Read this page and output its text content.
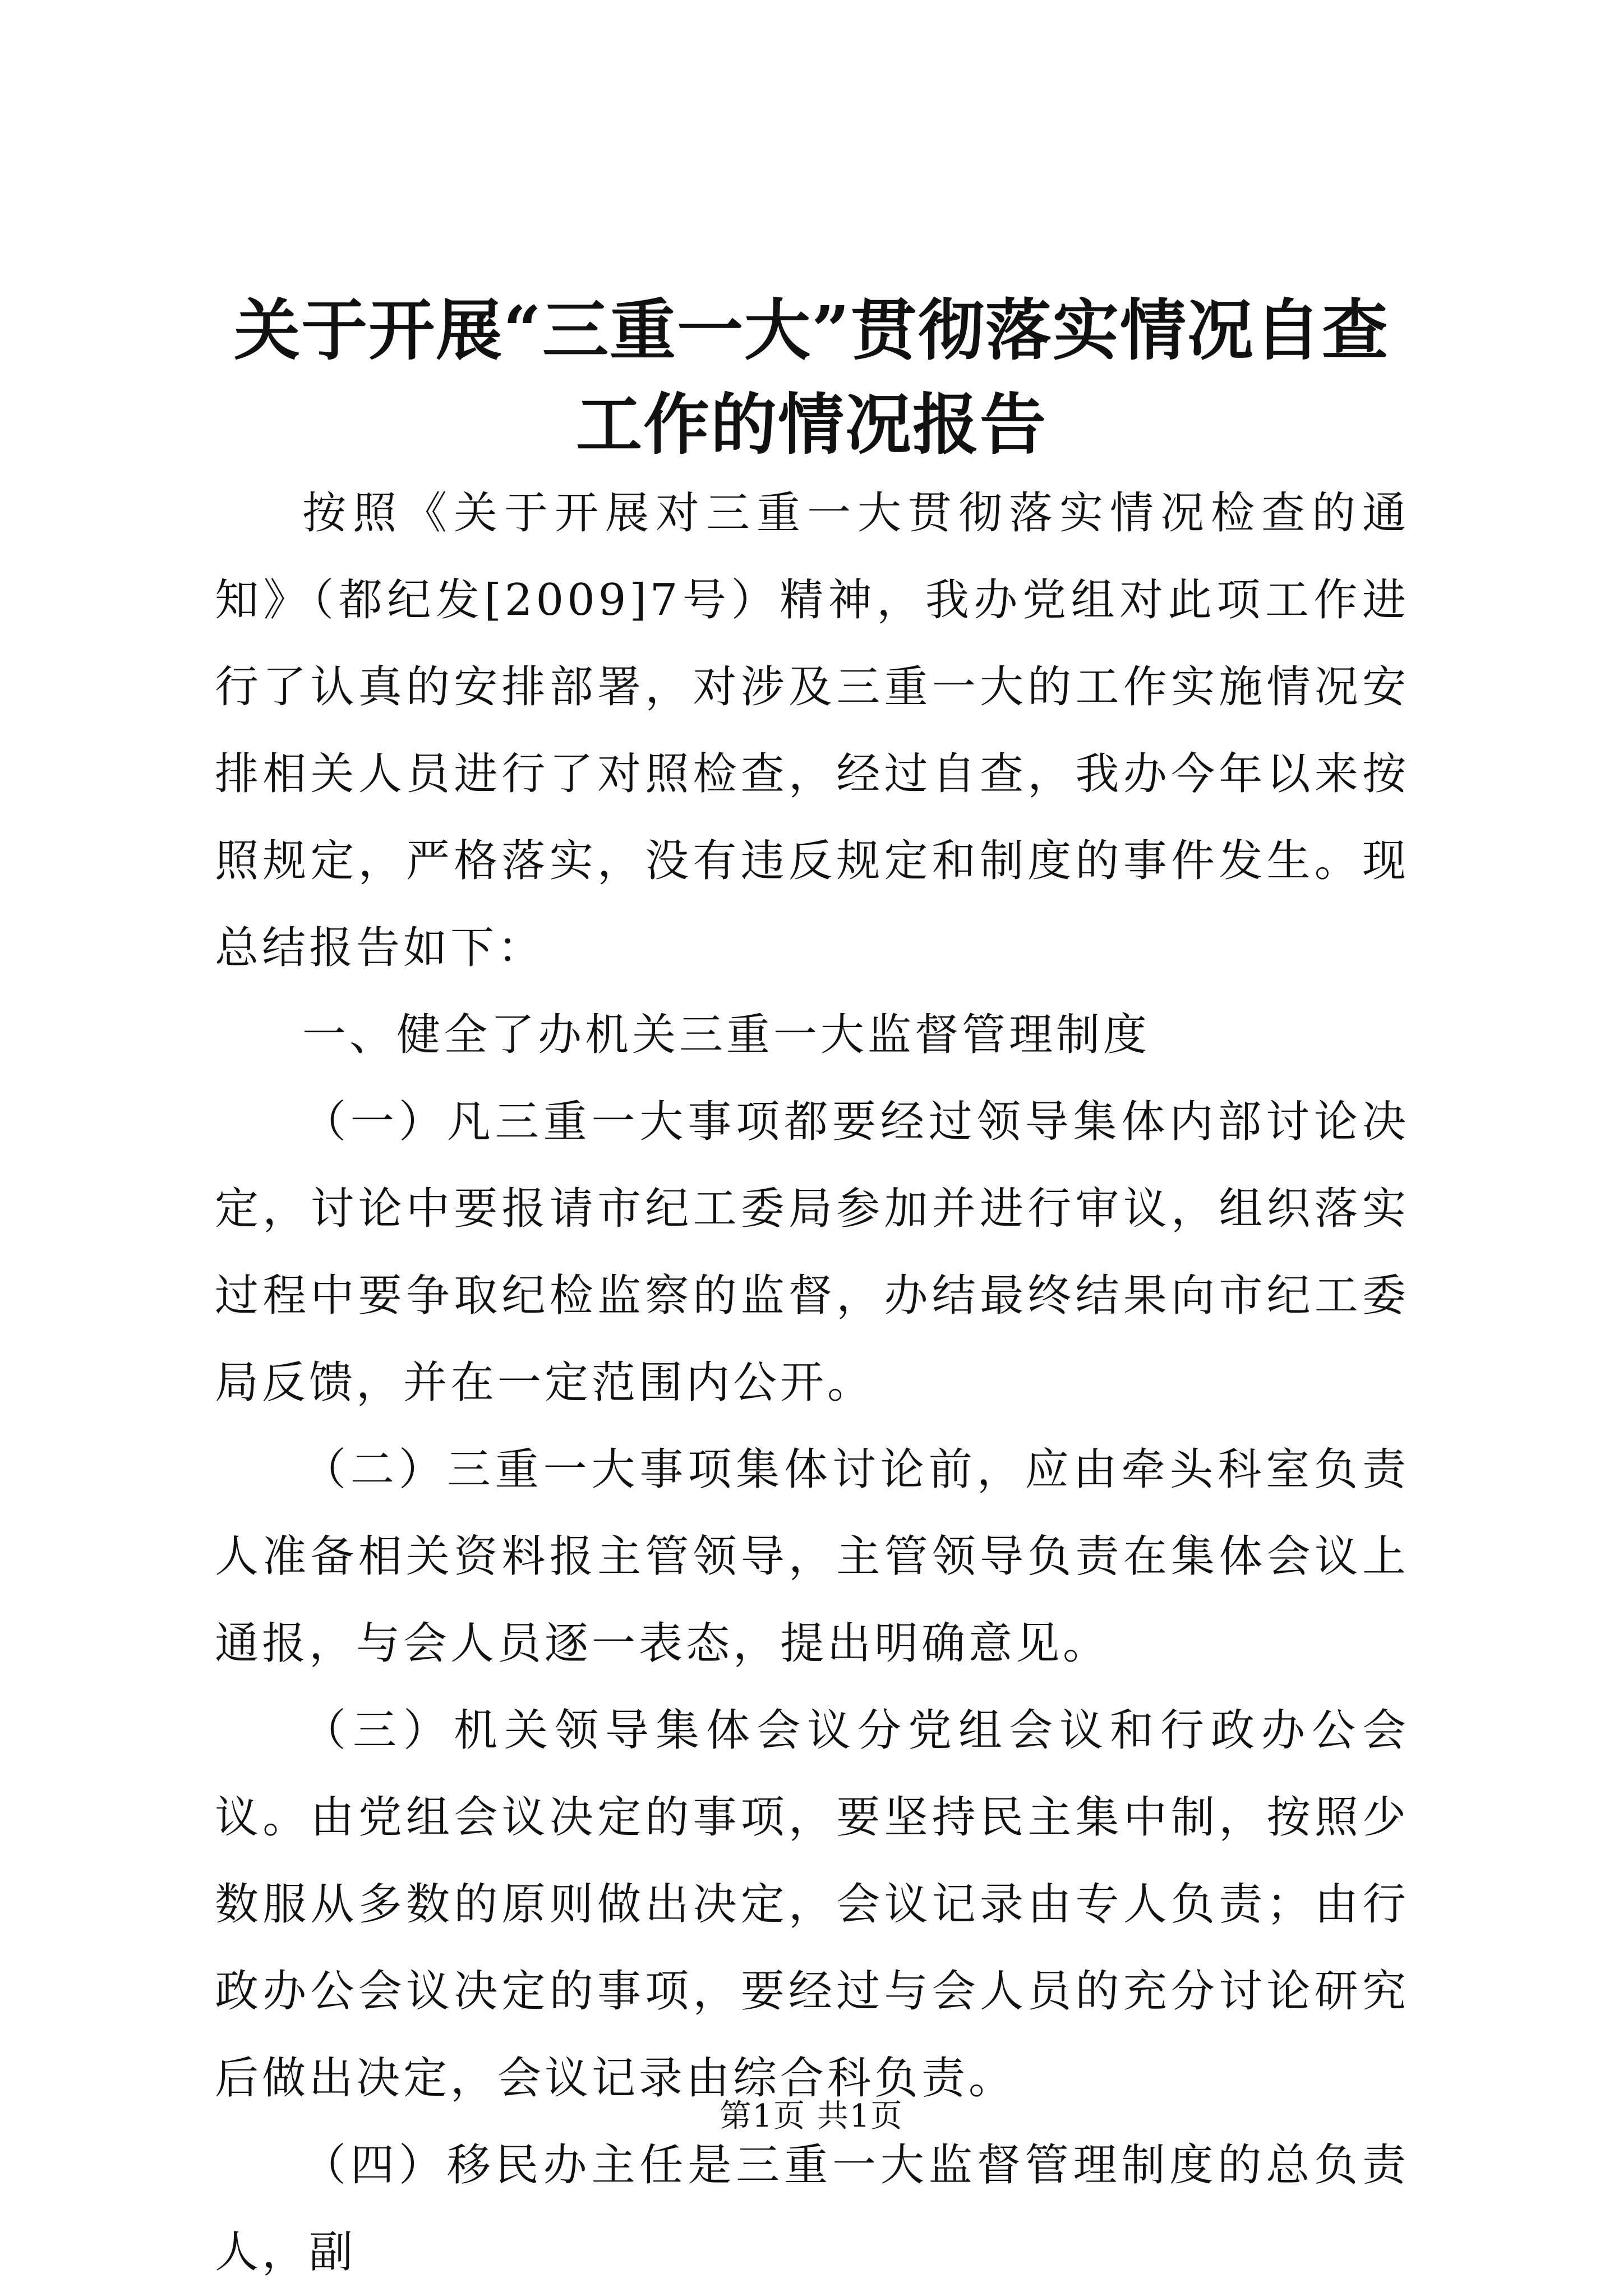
关于开展“三重一大”贯彻落实情况自查工作的情况报告

按照《关于开展对三重一大贯彻落实情况检查的通知》（都纪发[2009]7号）精神，我办党组对此项工作进行了认真的安排部署，对涉及三重一大的工作实施情况安排相关人员进行了对照检查，经过自查，我办今年以来按照规定，严格落实，没有违反规定和制度的事件发生。现总结报告如下：

一、健全了办机关三重一大监督管理制度

（一）凡三重一大事项都要经过领导集体内部讨论决定，讨论中要报请市纪工委局参加并进行审议，组织落实过程中要争取纪检监察的监督，办结最终结果向市纪工委局反馈，并在一定范围内公开。

（二）三重一大事项集体讨论前，应由牵头科室负责人准备相关资料报主管领导，主管领导负责在集体会议上通报，与会人员逐一表态，提出明确意见。

（三）机关领导集体会议分党组会议和行政办公会议。由党组会议决定的事项，要坚持民主集中制，按照少数服从多数的原则做出决定，会议记录由专人负责；由行政办公会议决定的事项，要经过与会人员的充分讨论研究后做出决定，会议记录由综合科负责。

（四）移民办主任是三重一大监督管理制度的总负责人，副

第1页 共1页
